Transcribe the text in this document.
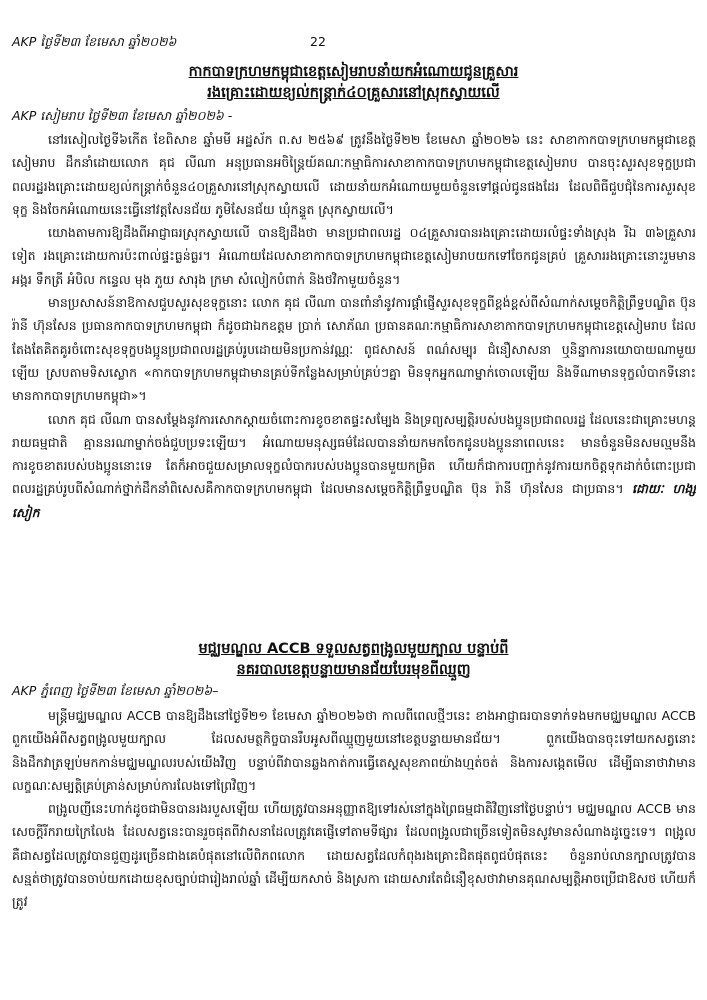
AKP ថ្ងៃទី២៣ ខែមេសា ឆ្នាំ២០២៦	22

កាកបាទក្រហមកម្ពុជាខេត្តសៀមរាបនាំយកអំណោយជូនគ្រួសារ

រងគ្រោះដោយខ្យល់កន្ត្រាក់៤០គ្រួសារនៅស្រុកស្វាយលើ

AKP សៀមរាប ថ្ងៃទី២៣ ខែមេសា ឆ្នាំ២០២៦ -

នៅរសៀលថ្ងៃទី៦កើត ខែពិសាខ ឆ្នាំមមី អដ្ឋស័ក ព.ស ២៥៦៩ ត្រូវនឹងថ្ងៃទី២២ ខែមេសា ឆ្នាំ២០២៦ នេះ សាខាកាកបាទក្រហមកម្ពុជាខេត្តសៀមរាប ដឹកនាំដោយលោក គុជ លីណា អនុប្រធានអចិន្ត្រៃយ៍គណៈកម្មាធិការសាខាកាកបាទក្រហមកម្ពុជាខេត្តសៀមរាប បានចុះសួរសុខទុក្ខប្រជាពលរដ្ឋរងគ្រោះដោយខ្យល់កន្ត្រាក់ចំនួន៤០គ្រួសារនៅស្រុកស្វាយលើ ដោយនាំយកអំណោយមួយចំនួនទៅផ្តល់ជូនផងដែរ ដែលពិធីជួបជុំនៃការសួរសុខទុក្ខ និងចែកអំណោយនេះធ្វើនៅវត្តសែនជ័យ ភូមិសែនជ័យ ឃុំកន្ទួត ស្រុកស្វាយលើ។

យោងតាមការឱ្យដឹងពីអាជ្ញាធរស្រុកស្វាយលើ បានឱ្យដឹងថា មានប្រជាពលរដ្ឋ ០៤គ្រួសារបានរងគ្រោះដោយរលំផ្ទះទាំងស្រុង រីឯ ៣៦គ្រួសារទៀត រងគ្រោះដោយការប៉ះពាល់ផ្ទះធ្ងន់ធ្ងរ។ អំណោយដែលសាខាកាកបាទក្រហមកម្ពុជាខេត្តសៀមរាបយកទៅចែកជូនគ្រប់ គ្រួសាររងគ្រោះនោះរួមមាន អង្ករ ទឹកត្រី អំបិល កន្ទេល មុង ភួយ សារុង ក្រមា សំលៀកបំពាក់ និងថវិកាមួយចំនួន។

មានប្រសាសន៍នាឱកាសជួបសួរសុខទុក្ខនោះ លោក គុជ លីណា បានពាំនាំនូវការផ្តាំផ្ញើសួរសុខទុក្ខពីខ្ពង់ខ្ពស់ពីសំណាក់សម្តេចកិត្តិព្រឹទ្ធបណ្ឌិត ប៊ុន រ៉ានី ហ៊ុនសែន ប្រធានកាកបាទក្រហមកម្ពុជា ក៏ដូចជាឯកឧត្តម ប្រាក់ សោភ័ណ ប្រធានគណៈកម្មាធិការសាខាកាកបាទក្រហមកម្ពុជាខេត្តសៀមរាប ដែលតែងតែគិតគូរចំពោះសុខទុក្ខបងប្អូនប្រជាពលរដ្ឋគ្រប់រូបដោយមិនប្រកាន់វណ្ណៈ ពូជសាសន៍ ពណ៌សម្បុរ ជំនឿសាសនា ឬនិន្នាការនយោបាយណាមួយឡើយ ស្របតាមទិសស្លោក «កាកបាទក្រហមកម្ពុជាមានគ្រប់ទីកន្លែងសម្រាប់គ្រប់ៗគ្នា មិនទុកអ្នកណាម្នាក់ចោលឡើយ និងទីណាមានទុក្ខលំបាកទីនោះមានកាកបាទក្រហមកម្ពុជា»។

លោក គុជ លីណា បានសម្តែងនូវការសោកស្តាយចំពោះការខូចខាតផ្ទះសម្បែង និងទ្រព្យសម្បត្តិរបស់បងប្អូនប្រជាពលរដ្ឋ ដែលនេះជាគ្រោះមហន្តរាយធម្មជាតិ គ្មាននរណាម្នាក់ចង់ជួបប្រទះឡើយ។ អំណោយមនុស្សធម៌ដែលបាននាំយកមកចែកជូនបងប្អូននាពេលនេះ មានចំនួនមិនសមល្មមនឹងការខូចខាតរបស់បងប្អូននោះទេ តែក៏អាចជួយសម្រាលទុក្ខលំបាករបស់បងប្អូនបានមួយកម្រិត ហើយក៏ជាការបញ្ជាក់នូវការយកចិត្តទុកដាក់ចំពោះប្រជាពលរដ្ឋគ្រប់រូបពីសំណាក់ថ្នាក់ដឹកនាំពិសេសគឺកាកបាទក្រហមកម្ពុជា ដែលមានសម្តេចកិត្តិព្រឹទ្ធបណ្ឌិត ប៊ុន រ៉ានី ហ៊ុនសែន ជាប្រធាន។ ដោយៈ ហង្ស សៀក

មជ្ឈមណ្ឌល ACCB ទទួលសត្វពង្រូលមួយក្បាល បន្ទាប់ពី

នគរបាលខេត្តបន្ទាយមានជ័យបែរមុខពីឈ្មួញ

AKP ភ្នំពេញ ថ្ងៃទី២៣ ខែមេសា ឆ្នាំ២០២៦–

មន្ត្រីមជ្ឈមណ្ឌល ACCB បានឱ្យដឹងនៅថ្ងៃទី២១ ខែមេសា ឆ្នាំ២០២៦ថា កាលពីពេលថ្មីៗនេះ ខាងអាជ្ញាធរបានទាក់ទងមកមជ្ឈមណ្ឌល ACCB ពួកយើងអំពីសត្វពង្រូលមួយក្បាល ដែលសមត្ថកិច្ចបានរឹបអូសពីឈ្មួញមួយនៅខេត្តបន្ទាយមានជ័យ។ ពួកយើងបានចុះទៅយកសត្វនោះ និងដឹកវាត្រឡប់មកកាន់មជ្ឈមណ្ឌលរបស់យើងវិញ បន្ទាប់ពីវាបានឆ្លងកាត់ការធ្វើតេស្តសុខភាពយ៉ាងហ្មត់ចត់ និងការសង្កេតមើល ដើម្បីធានាថាវាមានលក្ខណៈសម្បត្តិគ្រប់គ្រាន់សម្រាប់ការលែងទៅព្រៃវិញ។

ពង្រូលញីនេះហាក់ដូចជាមិនបានរងរបួសឡើយ ហើយត្រូវបានអនុញ្ញាតឱ្យទៅរស់នៅក្នុងព្រៃធម្មជាតិវិញនៅថ្ងៃបន្ទាប់។ មជ្ឈមណ្ឌល ACCB មានសេចក្តីរីករាយក្រៃលែង ដែលសត្វនេះបានរួចផុតពីវាសនាដែលត្រូវគេផ្ញើទៅតាមទីផ្សារ ដែលពង្រូលជាច្រើនទៀតមិនសូវមានសំណាងដូច្នេះទេ។ ពង្រូលគឺជាសត្វដែលត្រូវបានជួញដូរច្រើនជាងគេបំផុតនៅលើពិភពលោក ដោយសត្វដែលកំពុងរងគ្រោះជិតផុតពូជបំផុតនេះ ចំនួនរាប់លានក្បាលត្រូវបានសន្មត់ថាត្រូវបានចាប់យកដោយខុសច្បាប់ជារៀងរាល់ឆ្នាំ ដើម្បីយកសាច់ និងស្រកា ដោយសារតែជំនឿខុសថាវាមានគុណសម្បត្តិអាចប្រើជាឱសថ ហើយក៏ត្រូវ
